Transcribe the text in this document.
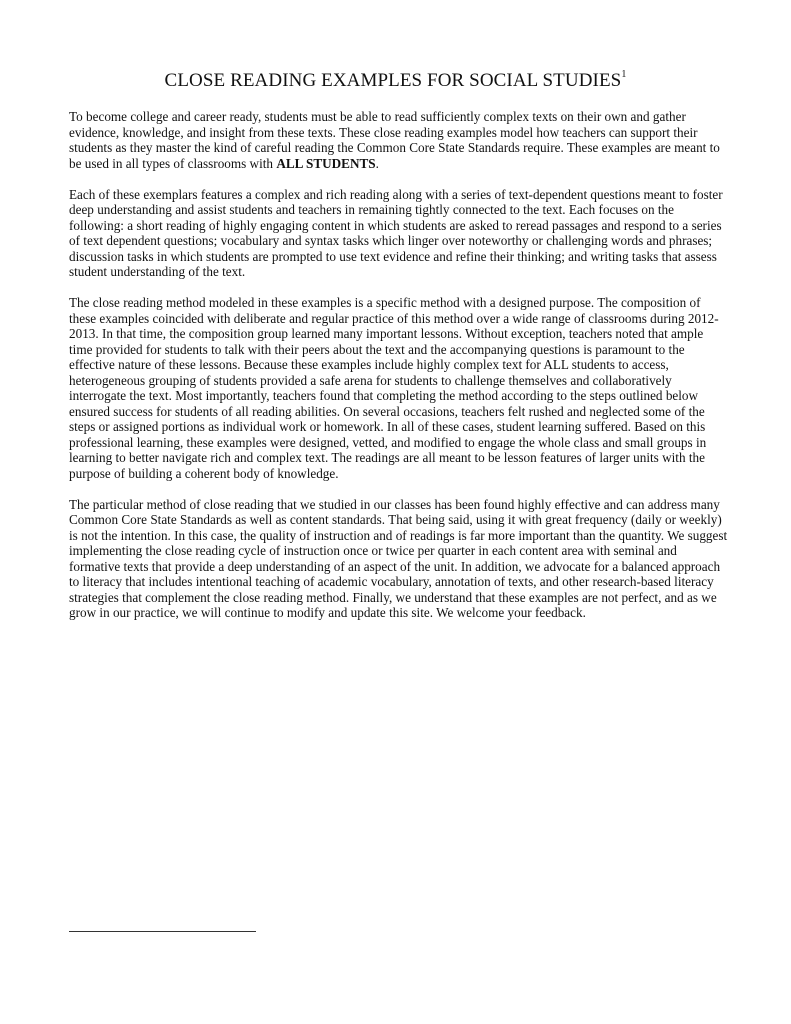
CLOSE READING EXAMPLES FOR SOCIAL STUDIES$^1$

To become college and career ready, students must be able to read sufficiently complex texts on their own and gather evidence, knowledge, and insight from these texts. These close reading examples model how teachers can support their students as they master the kind of careful reading the Common Core State Standards require. These examples are meant to be used in all types of classrooms with ALL STUDENTS.

Each of these exemplars features a complex and rich reading along with a series of text-dependent questions meant to foster deep understanding and assist students and teachers in remaining tightly connected to the text. Each focuses on the following: a short reading of highly engaging content in which students are asked to reread passages and respond to a series of text dependent questions; vocabulary and syntax tasks which linger over noteworthy or challenging words and phrases; discussion tasks in which students are prompted to use text evidence and refine their thinking; and writing tasks that assess student understanding of the text.

The close reading method modeled in these examples is a specific method with a designed purpose. The composition of these examples coincided with deliberate and regular practice of this method over a wide range of classrooms during 2012-2013. In that time, the composition group learned many important lessons. Without exception, teachers noted that ample time provided for students to talk with their peers about the text and the accompanying questions is paramount to the effective nature of these lessons. Because these examples include highly complex text for ALL students to access, heterogeneous grouping of students provided a safe arena for students to challenge themselves and collaboratively interrogate the text. Most importantly, teachers found that completing the method according to the steps outlined below ensured success for students of all reading abilities. On several occasions, teachers felt rushed and neglected some of the steps or assigned portions as individual work or homework. In all of these cases, student learning suffered. Based on this professional learning, these examples were designed, vetted, and modified to engage the whole class and small groups in learning to better navigate rich and complex text. The readings are all meant to be lesson features of larger units with the purpose of building a coherent body of knowledge.

The particular method of close reading that we studied in our classes has been found highly effective and can address many Common Core State Standards as well as content standards. That being said, using it with great frequency (daily or weekly) is not the intention. In this case, the quality of instruction and of readings is far more important than the quantity. We suggest implementing the close reading cycle of instruction once or twice per quarter in each content area with seminal and formative texts that provide a deep understanding of an aspect of the unit. In addition, we advocate for a balanced approach to literacy that includes intentional teaching of academic vocabulary, annotation of texts, and other research-based literacy strategies that complement the close reading method. Finally, we understand that these examples are not perfect, and as we grow in our practice, we will continue to modify and update this site. We welcome your feedback.
